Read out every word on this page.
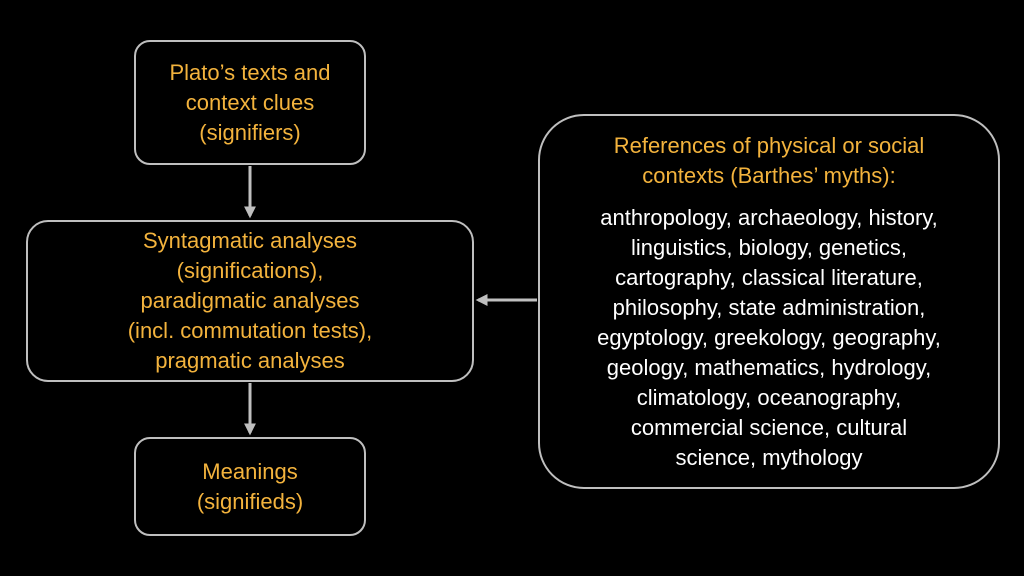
Plato’s texts and
context clues
(signifiers)
Syntagmatic analyses
(significations),
paradigmatic analyses
(incl. commutation tests),
pragmatic analyses
Meanings
(signifieds)
References of physical or social
contexts (Barthes’ myths):
anthropology, archaeology, history,
linguistics, biology, genetics,
cartography, classical literature,
philosophy, state administration,
egyptology, greekology, geography,
geology, mathematics, hydrology,
climatology, oceanography,
commercial science, cultural
science, mythology
